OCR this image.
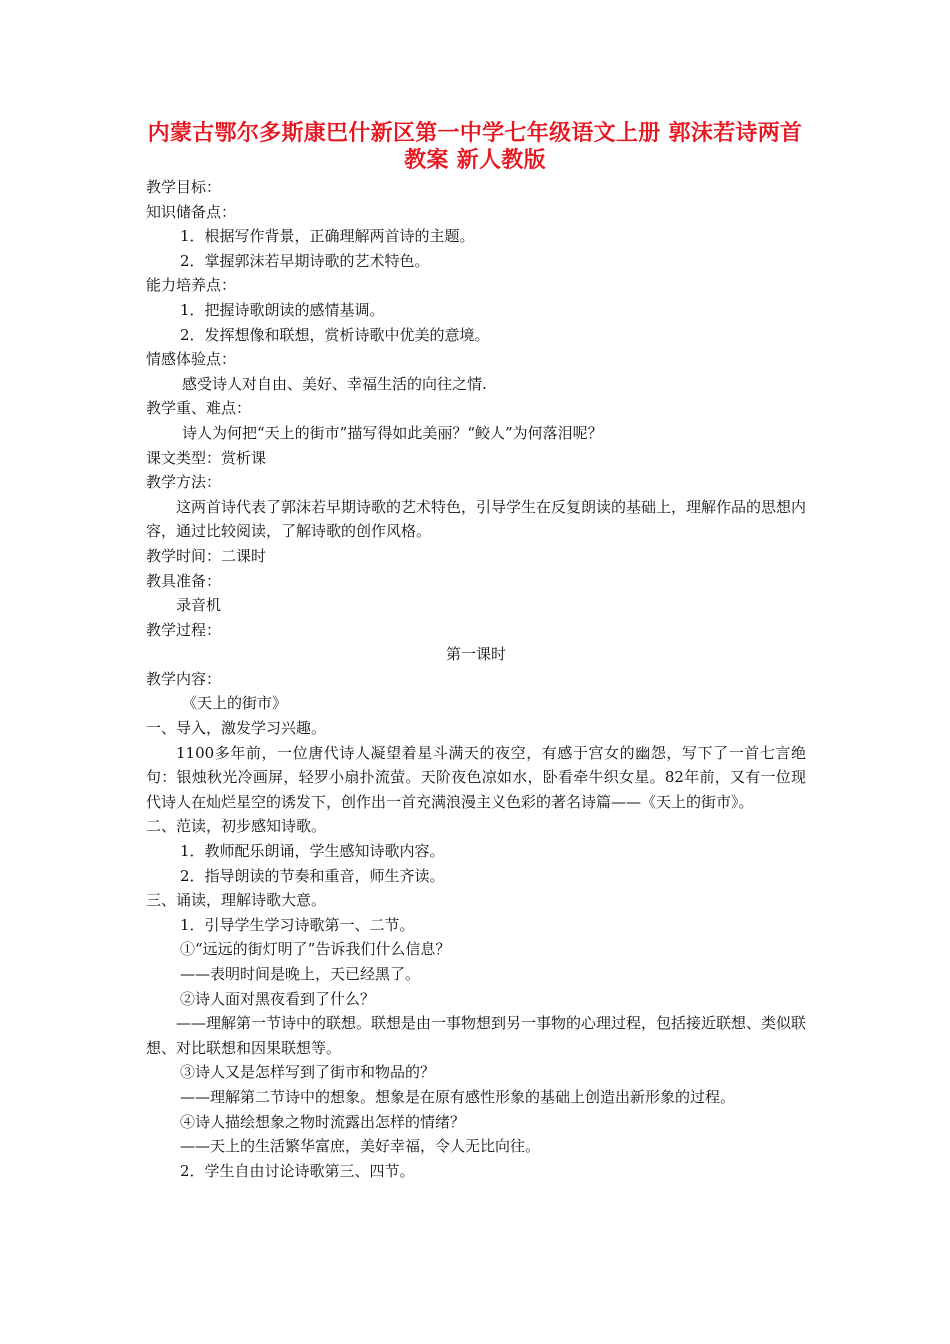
内蒙古鄂尔多斯康巴什新区第一中学七年级语文上册 郭沫若诗两首
教案 新人教版
教学目标：
知识储备点：
1．根据写作背景，正确理解两首诗的主题。
2．掌握郭沫若早期诗歌的艺术特色。
能力培养点：
1．把握诗歌朗读的感情基调。
2．发挥想像和联想，赏析诗歌中优美的意境。
情感体验点：
感受诗人对自由、美好、幸福生活的向往之情.
教学重、难点：
诗人为何把“天上的街市”描写得如此美丽？“鲛人”为何落泪呢？
课文类型：赏析课
教学方法：
这两首诗代表了郭沫若早期诗歌的艺术特色，引导学生在反复朗读的基础上，理解作品的思想内容，通过比较阅读，了解诗歌的创作风格。
教学时间：二课时
教具准备：
录音机
教学过程：
第一课时
教学内容：
《天上的街市》
一、导入，激发学习兴趣。
1100多年前，一位唐代诗人凝望着星斗满天的夜空，有感于宫女的幽怨，写下了一首七言绝句：银烛秋光冷画屏，轻罗小扇扑流萤。天阶夜色凉如水，卧看牵牛织女星。82年前，又有一位现代诗人在灿烂星空的诱发下，创作出一首充满浪漫主义色彩的著名诗篇——《天上的街市》。
二、范读，初步感知诗歌。
1．教师配乐朗诵，学生感知诗歌内容。
2．指导朗读的节奏和重音，师生齐读。
三、诵读，理解诗歌大意。
1．引导学生学习诗歌第一、二节。
①“远远的街灯明了”告诉我们什么信息？
——表明时间是晚上，天已经黑了。
②诗人面对黑夜看到了什么？
——理解第一节诗中的联想。联想是由一事物想到另一事物的心理过程，包括接近联想、类似联想、对比联想和因果联想等。
③诗人又是怎样写到了街市和物品的？
——理解第二节诗中的想象。想象是在原有感性形象的基础上创造出新形象的过程。
④诗人描绘想象之物时流露出怎样的情绪？
——天上的生活繁华富庶，美好幸福，令人无比向往。
2．学生自由讨论诗歌第三、四节。
